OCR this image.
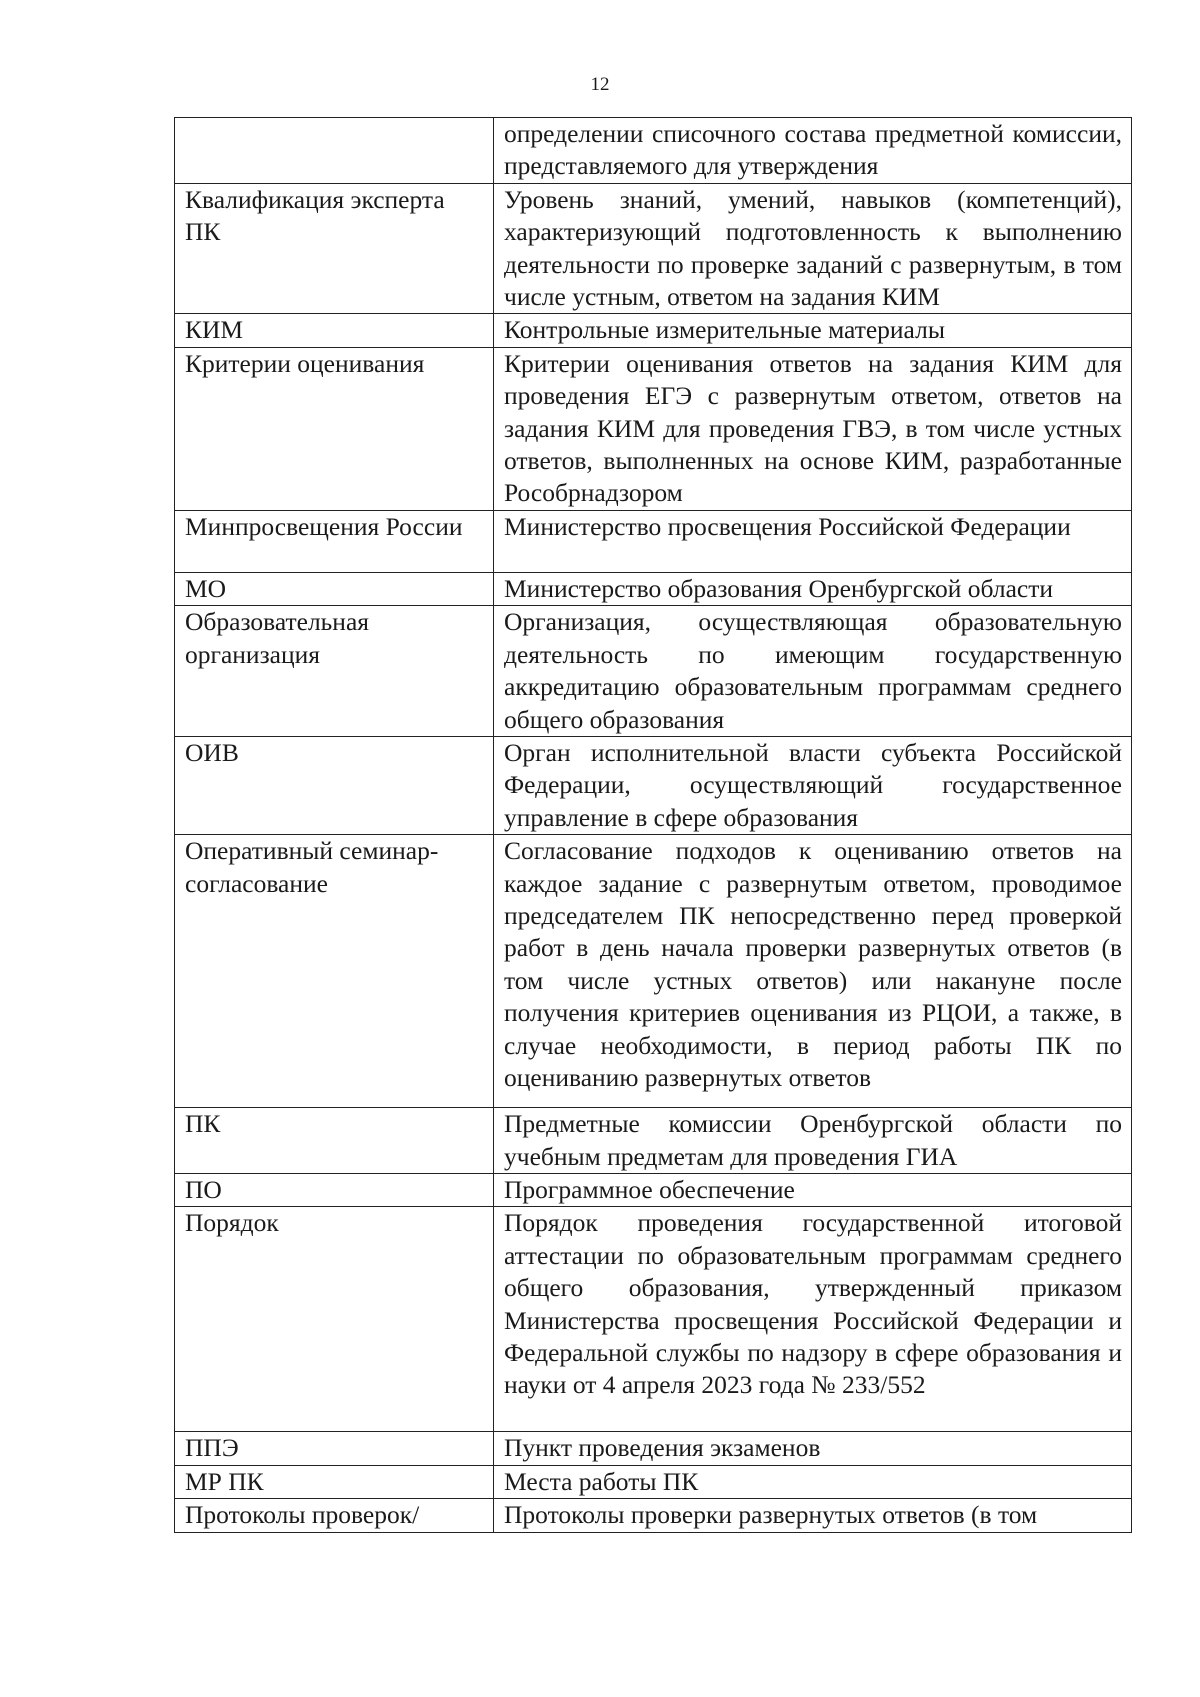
12
	определении списочного состава предметной комиссии, представляемого для утверждения
Квалификация эксперта ПК	Уровень знаний, умений, навыков (компетенций), характеризующий подготовленность к выполнению деятельности по проверке заданий с развернутым, в том числе устным, ответом на задания КИМ
КИМ	Контрольные измерительные материалы
Критерии оценивания	Критерии оценивания ответов на задания КИМ для проведения ЕГЭ с развернутым ответом, ответов на задания КИМ для проведения ГВЭ, в том числе устных ответов, выполненных на основе КИМ, разработанные Рособрнадзором
Минпросвещения России	Министерство просвещения Российской Федерации
МО	Министерство образования Оренбургской области
Образовательная организация	Организация, осуществляющая образовательную деятельность по имеющим государственную аккредитацию образовательным программам среднего общего образования
ОИВ	Орган исполнительной власти субъекта Российской Федерации, осуществляющий государственное управление в сфере образования
Оперативный семинар-согласование	Согласование подходов к оцениванию ответов на каждое задание с развернутым ответом, проводимое председателем ПК непосредственно перед проверкой работ в день начала проверки развернутых ответов (в том числе устных ответов) или накануне после получения критериев оценивания из РЦОИ, а также, в случае необходимости, в период работы ПК по оцениванию развернутых ответов
ПК	Предметные комиссии Оренбургской области по учебным предметам для проведения ГИА
ПО	Программное обеспечение
Порядок	Порядок проведения государственной итоговой аттестации по образовательным программам среднего общего образования, утвержденный приказом Министерства просвещения Российской Федерации и Федеральной службы по надзору в сфере образования и науки от 4 апреля 2023 года № 233/552
ППЭ	Пункт проведения экзаменов
МР ПК	Места работы ПК
Протоколы проверок/	Протоколы проверки развернутых ответов (в том
